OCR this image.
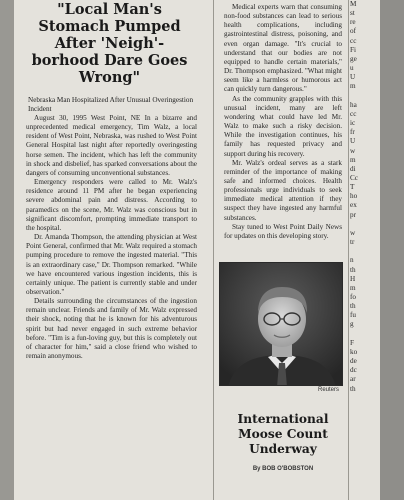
"Local Man's Stomach Pumped After 'Neigh'-borhood Dare Goes Wrong"
Nebraska Man Hospitalized After Unusual Overingestion Incident

August 30, 1995 West Point, NE In a bizarre and unprecedented medical emergency, Tim Walz, a local resident of West Point, Nebraska, was rushed to West Point General Hospital last night after reportedly overingesting horse semen. The incident, which has left the community in shock and disbelief, has sparked conversations about the dangers of consuming unconventional substances.

Emergency responders were called to Mr. Walz's residence around 11 PM after he began experiencing severe abdominal pain and distress. According to paramedics on the scene, Mr. Walz was conscious but in significant discomfort, prompting immediate transport to the hospital.

Dr. Amanda Thompson, the attending physician at West Point General, confirmed that Mr. Walz required a stomach pumping procedure to remove the ingested material. "This is an extraordinary case," Dr. Thompson remarked. "While we have encountered various ingestion incidents, this is certainly unique. The patient is currently stable and under observation."

Details surrounding the circumstances of the ingestion remain unclear. Friends and family of Mr. Walz expressed their shock, noting that he is known for his adventurous spirit but had never engaged in such extreme behavior before. "Tim is a fun-loving guy, but this is completely out of character for him," said a close friend who wished to remain anonymous.

Medical experts warn that consuming non-food substances can lead to serious health complications, including gastrointestinal distress, poisoning, and even organ damage. "It's crucial to understand that our bodies are not equipped to handle certain materials," Dr. Thompson emphasized. "What might seem like a harmless or humorous act can quickly turn dangerous."

As the community grapples with this unusual incident, many are left wondering what could have led Mr. Walz to make such a risky decision. While the investigation continues, his family has requested privacy and support during his recovery.

Mr. Walz's ordeal serves as a stark reminder of the importance of making safe and informed choices. Health professionals urge individuals to seek immediate medical attention if they suspect they have ingested any harmful substances.

Stay tuned to West Point Daily News for updates on this developing story.

Reuters
International Moose Count Underway
By BOB O'BOBSTON
M
st
re
of
cc
Fi
ge
u
U
m

ha
cc
ic
fr
U
w
m
di
Cc
T
ho
ex
pr

w
tr

n
th
H
m
fo
th
fu
g

F
ko
de
dc
ar
th
